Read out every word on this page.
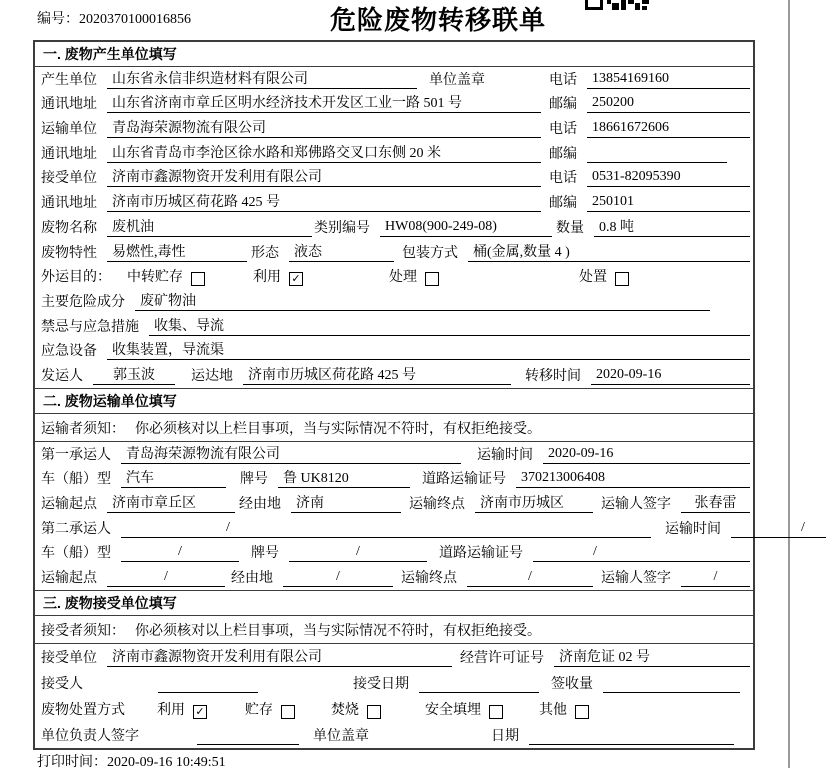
编号：2020370100016856	危险废物转移联单
一. 废物产生单位填写
产生单位	山东省永信非织造材料有限公司	单位盖章	电话	13854169160
通讯地址	山东省济南市章丘区明水经济技术开发区工业一路 501 号	邮编	250200
运输单位	青岛海荣源物流有限公司	电话	18661672606
通讯地址	山东省青岛市李沧区徐水路和郑佛路交叉口东侧 20 米	邮编
接受单位	济南市鑫源物资开发利用有限公司	电话	0531-82095390
通讯地址	济南市历城区荷花路 425 号	邮编	250101
废物名称	废机油	类别编号	HW08(900-249-08)	数量	0.8 吨
废物特性	易燃性,毒性	形态	液态	包装方式	桶(金属,数量 4 )
外运目的： 中转贮存	利用 ✓	处理	处置
主要危险成分	废矿物油
禁忌与应急措施	收集、导流
应急设备	收集装置，导流渠
发运人	郭玉波	运达地	济南市历城区荷花路 425 号	转移时间	2020-09-16
二. 废物运输单位填写
运输者须知： 你必须核对以上栏目事项，当与实际情况不符时，有权拒绝接受。
第一承运人	青岛海荣源物流有限公司	运输时间	2020-09-16
车（船）型	汽车	牌号	鲁 UK8120	道路运输证号	370213006408
运输起点	济南市章丘区	经由地	济南	运输终点	济南市历城区	运输人签字	张春雷
第二承运人	/	运输时间	/
车（船）型	/	牌号	/	道路运输证号	/
运输起点	/	经由地	/	运输终点	/	运输人签字	/
三. 废物接受单位填写
接受者须知： 你必须核对以上栏目事项，当与实际情况不符时，有权拒绝接受。
接受单位	济南市鑫源物资开发利用有限公司	经营许可证号	济南危证 02 号
接受人	接受日期	签收量
废物处置方式 利用 ✓	贮存	焚烧	安全填埋	其他
单位负责人签字	单位盖章	日期
打印时间：2020-09-16 10:49:51
